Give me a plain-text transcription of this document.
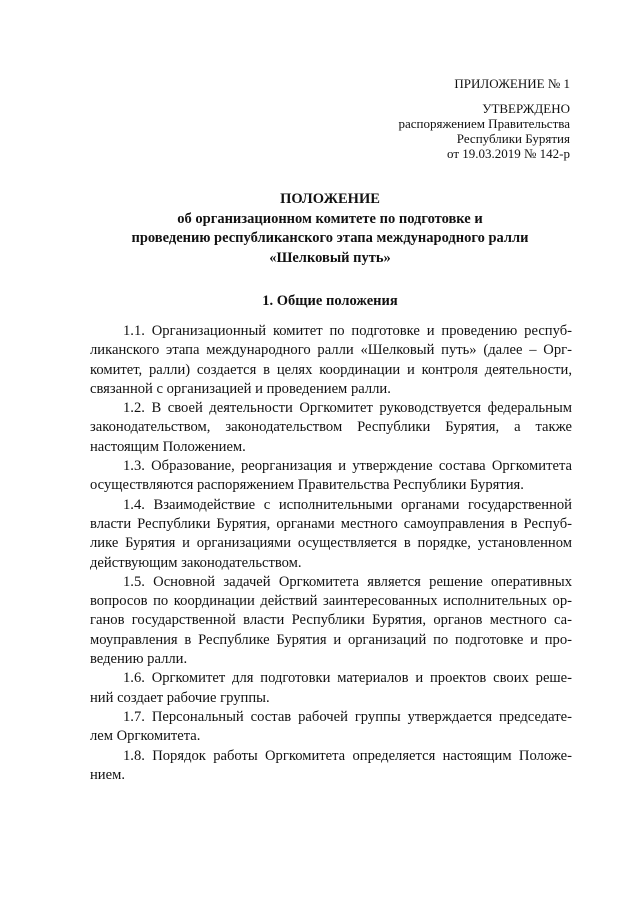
ПРИЛОЖЕНИЕ № 1
УТВЕРЖДЕНО
распоряжением Правительства
Республики Бурятия
от 19.03.2019 № 142-р
ПОЛОЖЕНИЕ
об организационном комитете по подготовке и
проведению республиканского этапа международного ралли
«Шелковый путь»
1. Общие положения
1.1. Организационный комитет по подготовке и проведению респуб-
ликанского этапа международного ралли «Шелковый путь» (далее – Орг-
комитет, ралли) создается в целях координации и контроля деятельности,
связанной с организацией и проведением ралли.
1.2. В своей деятельности Оргкомитет руководствуется федеральным
законодательством, законодательством Республики Бурятия, а также
настоящим Положением.
1.3. Образование, реорганизация и утверждение состава Оргкомитета
осуществляются распоряжением Правительства Республики Бурятия.
1.4. Взаимодействие с исполнительными органами государственной
власти Республики Бурятия, органами местного самоуправления в Респуб-
лике Бурятия и организациями осуществляется в порядке, установленном
действующим законодательством.
1.5. Основной задачей Оргкомитета является решение оперативных
вопросов по координации действий заинтересованных исполнительных ор-
ганов государственной власти Республики Бурятия, органов местного са-
моуправления в Республике Бурятия и организаций по подготовке и про-
ведению ралли.
1.6. Оргкомитет для подготовки материалов и проектов своих реше-
ний создает рабочие группы.
1.7. Персональный состав рабочей группы утверждается председате-
лем Оргкомитета.
1.8. Порядок работы Оргкомитета определяется настоящим Положе-
нием.
